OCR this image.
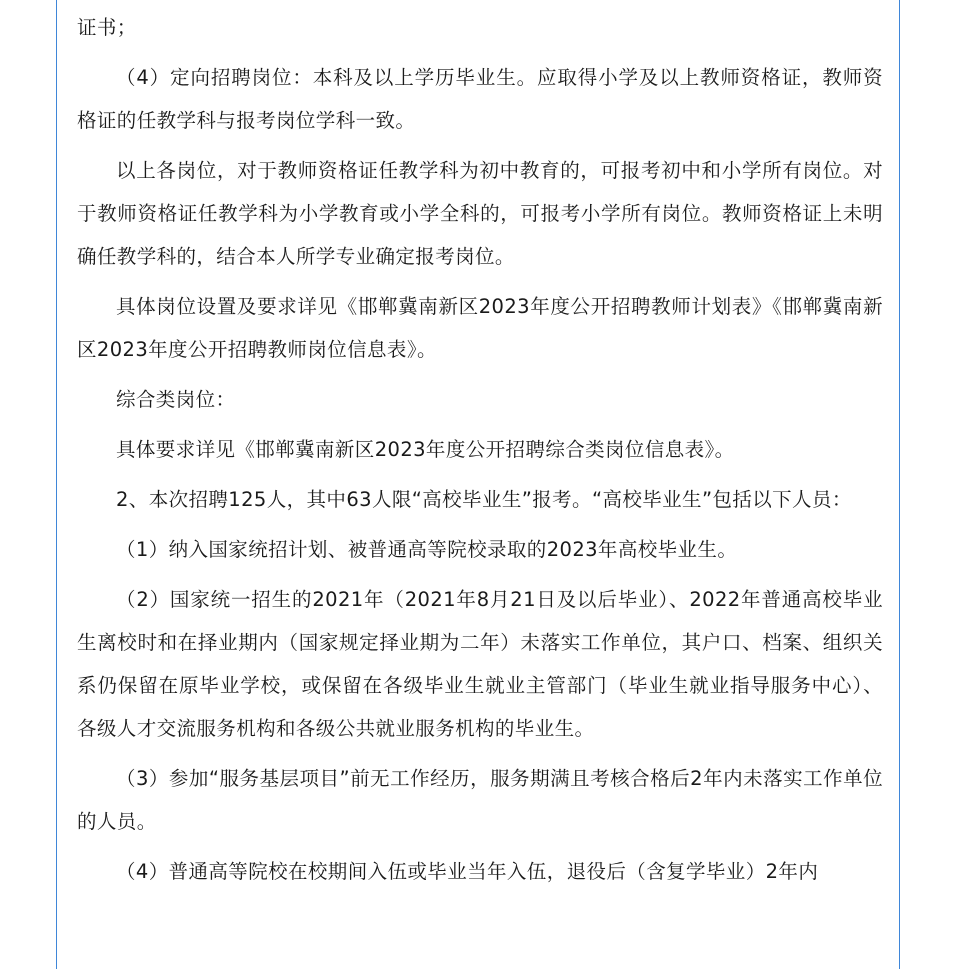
证书；

（4）定向招聘岗位：本科及以上学历毕业生。应取得小学及以上教师资格证，教师资格证的任教学科与报考岗位学科一致。

以上各岗位，对于教师资格证任教学科为初中教育的，可报考初中和小学所有岗位。对于教师资格证任教学科为小学教育或小学全科的，可报考小学所有岗位。教师资格证上未明确任教学科的，结合本人所学专业确定报考岗位。

具体岗位设置及要求详见《邯郸冀南新区2023年度公开招聘教师计划表》《邯郸冀南新区2023年度公开招聘教师岗位信息表》。

综合类岗位：

具体要求详见《邯郸冀南新区2023年度公开招聘综合类岗位信息表》。

2、本次招聘125人，其中63人限“高校毕业生”报考。“高校毕业生”包括以下人员：

（1）纳入国家统招计划、被普通高等院校录取的2023年高校毕业生。

（2）国家统一招生的2021年（2021年8月21日及以后毕业）、2022年普通高校毕业生离校时和在择业期内（国家规定择业期为二年）未落实工作单位，其户口、档案、组织关系仍保留在原毕业学校，或保留在各级毕业生就业主管部门（毕业生就业指导服务中心）、各级人才交流服务机构和各级公共就业服务机构的毕业生。

（3）参加“服务基层项目”前无工作经历，服务期满且考核合格后2年内未落实工作单位的人员。

（4）普通高等院校在校期间入伍或毕业当年入伍，退役后（含复学毕业）2年内
